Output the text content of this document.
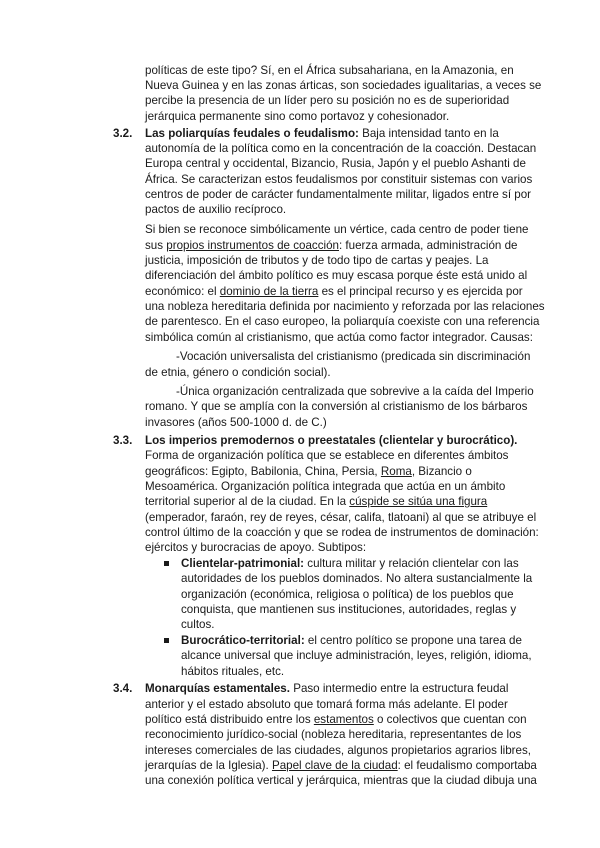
políticas de este tipo? Sí, en el África subsahariana, en la Amazonia, en
Nueva Guinea y en las zonas árticas, son sociedades igualitarias, a veces se
percibe la presencia de un líder pero su posición no es de superioridad
jerárquica permanente sino como portavoz y cohesionador.
Las poliarquías feudales o feudalismo: Baja intensidad tanto en la
autonomía de la política como en la concentración de la coacción. Destacan
Europa central y occidental, Bizancio, Rusia, Japón y el pueblo Ashanti de
África. Se caracterizan estos feudalismos por constituir sistemas con varios
centros de poder de carácter fundamentalmente militar, ligados entre sí por
pactos de auxilio recíproco.
Si bien se reconoce simbólicamente un vértice, cada centro de poder tiene
sus propios instrumentos de coacción: fuerza armada, administración de
justicia, imposición de tributos y de todo tipo de cartas y peajes. La
diferenciación del ámbito político es muy escasa porque éste está unido al
económico: el dominio de la tierra es el principal recurso y es ejercida por
una nobleza hereditaria definida por nacimiento y reforzada por las relaciones
de parentesco. En el caso europeo, la poliarquía coexiste con una referencia
simbólica común al cristianismo, que actúa como factor integrador. Causas:
-Vocación universalista del cristianismo (predicada sin discriminación
de etnia, género o condición social).
-Única organización centralizada que sobrevive a la caída del Imperio
romano. Y que se amplía con la conversión al cristianismo de los bárbaros
invasores (años 500-1000 d. de C.)
Los imperios premodernos o preestatales (clientelar y burocrático).
Forma de organización política que se establece en diferentes ámbitos
geográficos: Egipto, Babilonia, China, Persia, Roma, Bizancio o
Mesoamérica. Organización política integrada que actúa en un ámbito
territorial superior al de la ciudad. En la cúspide se sitúa una figura
(emperador, faraón, rey de reyes, césar, califa, tlatoani) al que se atribuye el
control último de la coacción y que se rodea de instrumentos de dominación:
ejércitos y burocracias de apoyo. Subtipos:
Clientelar-patrimonial: cultura militar y relación clientelar con las
autoridades de los pueblos dominados. No altera sustancialmente la
organización (económica, religiosa o política) de los pueblos que
conquista, que mantienen sus instituciones, autoridades, reglas y
cultos.
Burocrático-territorial: el centro político se propone una tarea de
alcance universal que incluye administración, leyes, religión, idioma,
hábitos rituales, etc.
Monarquías estamentales. Paso intermedio entre la estructura feudal
anterior y el estado absoluto que tomará forma más adelante. El poder
político está distribuido entre los estamentos o colectivos que cuentan con
reconocimiento jurídico-social (nobleza hereditaria, representantes de los
intereses comerciales de las ciudades, algunos propietarios agrarios libres,
jerarquías de la Iglesia). Papel clave de la ciudad: el feudalismo comportaba
una conexión política vertical y jerárquica, mientras que la ciudad dibuja una
3.2.
3.3.
3.4.
